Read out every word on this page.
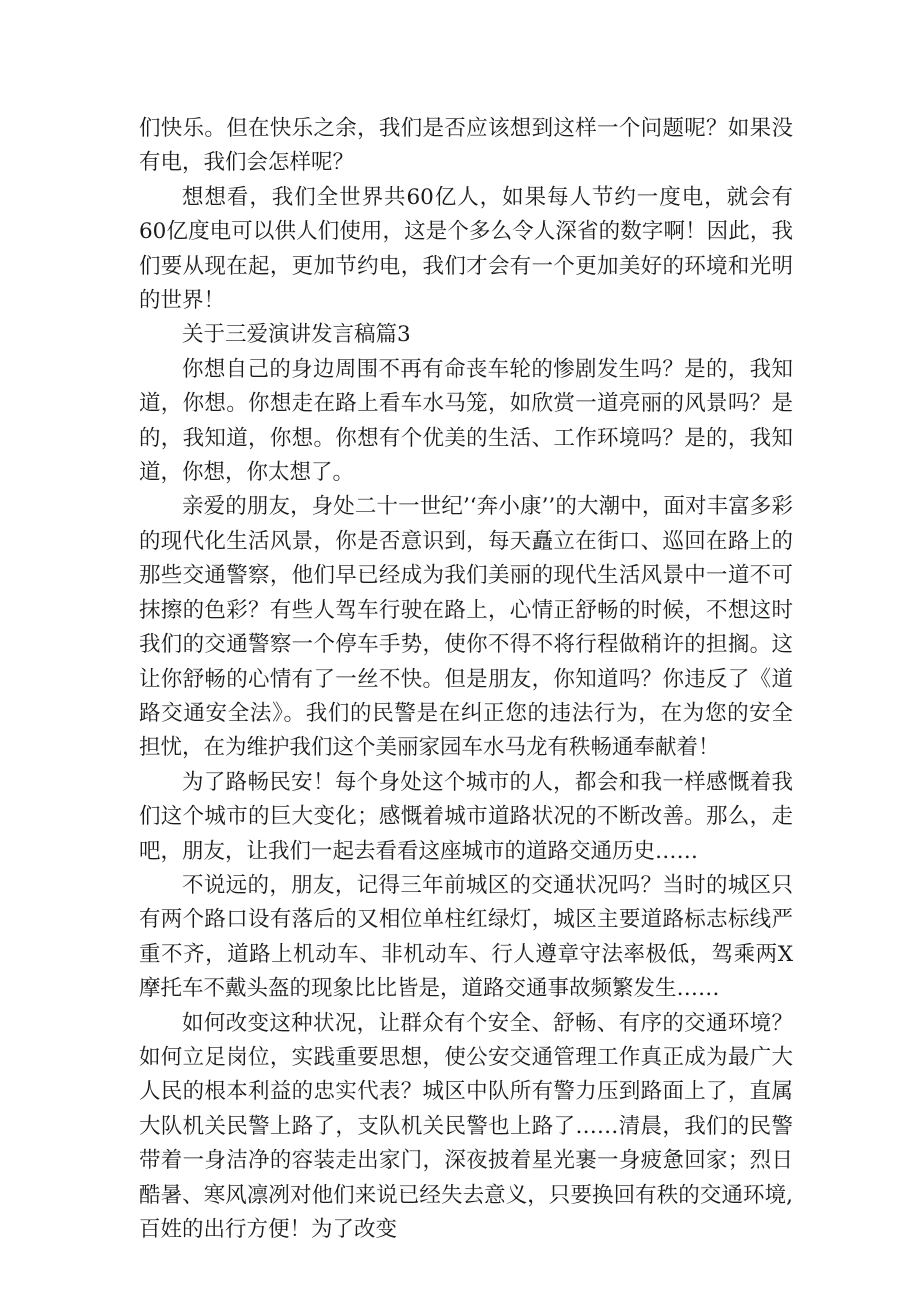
们快乐。但在快乐之余，我们是否应该想到这样一个问题呢？如果没有电，我们会怎样呢？

想想看，我们全世界共60亿人，如果每人节约一度电，就会有60亿度电可以供人们使用，这是个多么令人深省的数字啊！因此，我们要从现在起，更加节约电，我们才会有一个更加美好的环境和光明的世界！

关于三爱演讲发言稿篇3

你想自己的身边周围不再有命丧车轮的惨剧发生吗？是的，我知道，你想。你想走在路上看车水马笼，如欣赏一道亮丽的风景吗？是的，我知道，你想。你想有个优美的生活、工作环境吗？是的，我知道，你想，你太想了。

亲爱的朋友，身处二十一世纪’‘奔小康’’的大潮中，面对丰富多彩的现代化生活风景，你是否意识到，每天矗立在街口、巡回在路上的那些交通警察，他们早已经成为我们美丽的现代生活风景中一道不可抹擦的色彩？有些人驾车行驶在路上，心情正舒畅的时候，不想这时我们的交通警察一个停车手势，使你不得不将行程做稍许的担搁。这让你舒畅的心情有了一丝不快。但是朋友，你知道吗？你违反了《道路交通安全法》。我们的民警是在纠正您的违法行为，在为您的安全担忧，在为维护我们这个美丽家园车水马龙有秩畅通奉献着！

为了路畅民安！每个身处这个城市的人，都会和我一样感慨着我们这个城市的巨大变化；感慨着城市道路状况的不断改善。那么，走吧，朋友，让我们一起去看看这座城市的道路交通历史……

不说远的，朋友，记得三年前城区的交通状况吗？当时的城区只有两个路口设有落后的又相位单柱红绿灯，城区主要道路标志标线严重不齐，道路上机动车、非机动车、行人遵章守法率极低，驾乘两X摩托车不戴头盔的现象比比皆是，道路交通事故频繁发生……

如何改变这种状况，让群众有个安全、舒畅、有序的交通环境？如何立足岗位，实践重要思想，使公安交通管理工作真正成为最广大人民的根本利益的忠实代表？城区中队所有警力压到路面上了，直属大队机关民警上路了，支队机关民警也上路了……清晨，我们的民警带着一身洁净的容装走出家门，深夜披着星光裹一身疲惫回家；烈日酷暑、寒风凛冽对他们来说已经失去意义，只要换回有秩的交通环境,百姓的出行方便！为了改变
